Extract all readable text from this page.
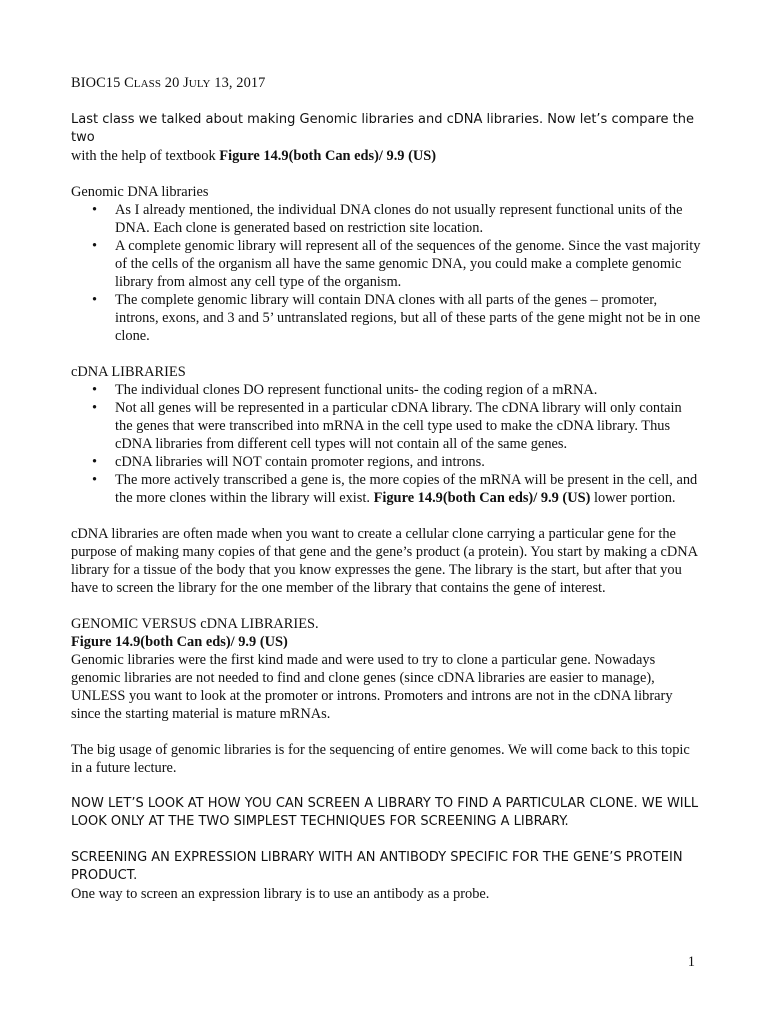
BIOC15 CLASS 20 JULY 13, 2017

Last class we talked about making Genomic libraries and cDNA libraries. Now let’s compare the two

with the help of textbook Figure 14.9(both Can eds)/ 9.9 (US)

Genomic DNA libraries

• As I already mentioned, the individual DNA clones do not usually represent functional units of the DNA. Each clone is generated based on restriction site location.
• A complete genomic library will represent all of the sequences of the genome. Since the vast majority of the cells of the organism all have the same genomic DNA, you could make a complete genomic library from almost any cell type of the organism.
• The complete genomic library will contain DNA clones with all parts of the genes – promoter, introns, exons, and 3 and 5’ untranslated regions, but all of these parts of the gene might not be in one clone.

cDNA LIBRARIES

• The individual clones DO represent functional units- the coding region of a mRNA.
• Not all genes will be represented in a particular cDNA library. The cDNA library will only contain the genes that were transcribed into mRNA in the cell type used to make the cDNA library. Thus cDNA libraries from different cell types will not contain all of the same genes.
• cDNA libraries will NOT contain promoter regions, and introns.
• The more actively transcribed a gene is, the more copies of the mRNA will be present in the cell, and the more clones within the library will exist. Figure 14.9(both Can eds)/ 9.9 (US) lower portion.

cDNA libraries are often made when you want to create a cellular clone carrying a particular gene for the purpose of making many copies of that gene and the gene’s product (a protein). You start by making a cDNA library for a tissue of the body that you know expresses the gene. The library is the start, but after that you have to screen the library for the one member of the library that contains the gene of interest.

GENOMIC VERSUS cDNA LIBRARIES.

Figure 14.9(both Can eds)/ 9.9 (US)

Genomic libraries were the first kind made and were used to try to clone a particular gene. Nowadays genomic libraries are not needed to find and clone genes (since cDNA libraries are easier to manage), UNLESS you want to look at the promoter or introns. Promoters and introns are not in the cDNA library since the starting material is mature mRNAs.

The big usage of genomic libraries is for the sequencing of entire genomes. We will come back to this topic in a future lecture.

NOW LET’S LOOK AT HOW YOU CAN SCREEN A LIBRARY TO FIND A PARTICULAR CLONE. WE WILL LOOK ONLY AT THE TWO SIMPLEST TECHNIQUES FOR SCREENING A LIBRARY.

SCREENING AN EXPRESSION LIBRARY WITH AN ANTIBODY SPECIFIC FOR THE GENE’S PROTEIN PRODUCT.

One way to screen an expression library is to use an antibody as a probe.

1
